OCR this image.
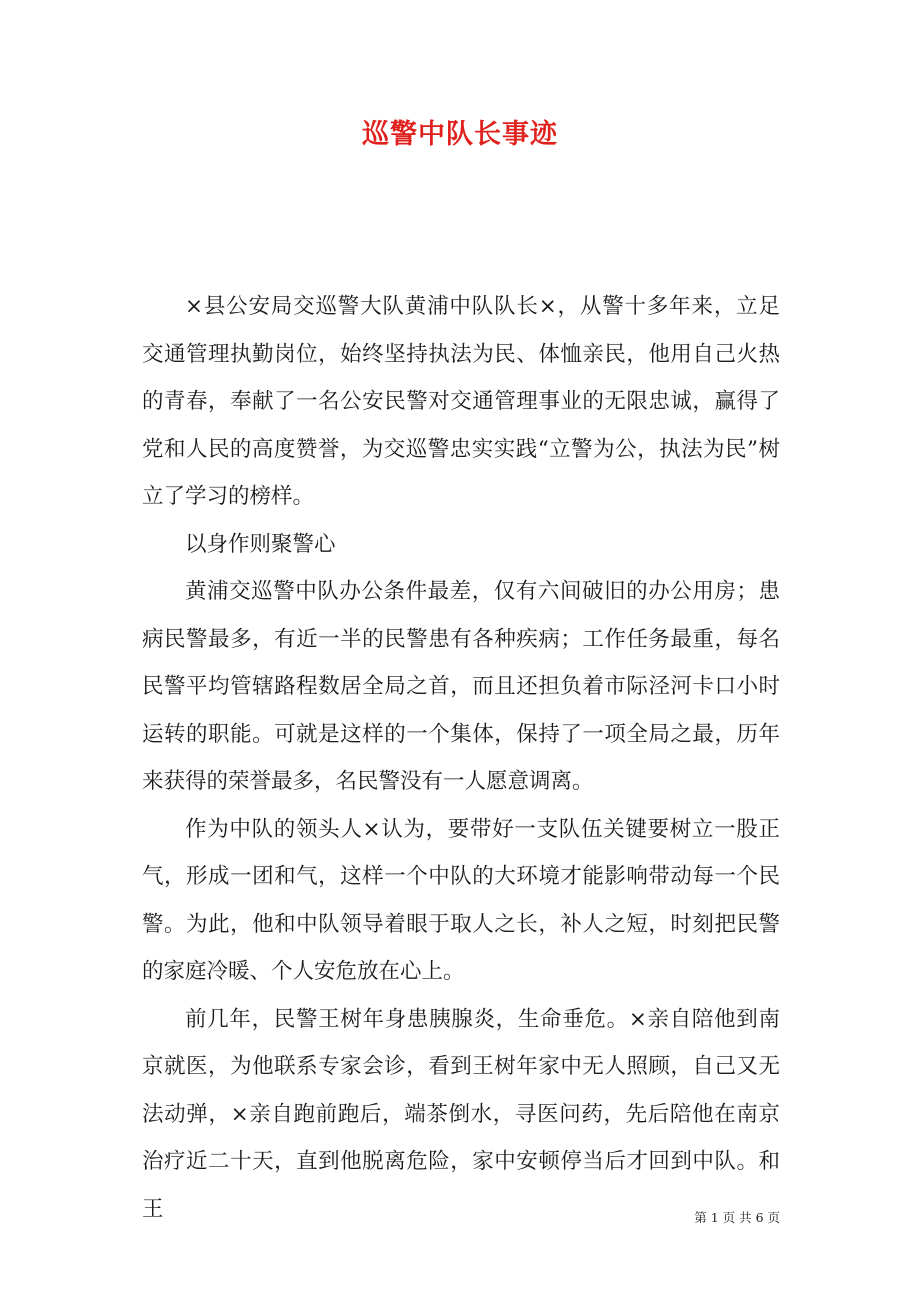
巡警中队长事迹

×县公安局交巡警大队黄浦中队队长×，从警十多年来，立足交通管理执勤岗位，始终坚持执法为民、体恤亲民，他用自己火热的青春，奉献了一名公安民警对交通管理事业的无限忠诚，赢得了党和人民的高度赞誉，为交巡警忠实实践“立警为公，执法为民”树立了学习的榜样。

以身作则聚警心

黄浦交巡警中队办公条件最差，仅有六间破旧的办公用房；患病民警最多，有近一半的民警患有各种疾病；工作任务最重，每名民警平均管辖路程数居全局之首，而且还担负着市际泾河卡口小时运转的职能。可就是这样的一个集体，保持了一项全局之最，历年来获得的荣誉最多，名民警没有一人愿意调离。

作为中队的领头人×认为，要带好一支队伍关键要树立一股正气，形成一团和气，这样一个中队的大环境才能影响带动每一个民警。为此，他和中队领导着眼于取人之长，补人之短，时刻把民警的家庭冷暖、个人安危放在心上。

前几年，民警王树年身患胰腺炎，生命垂危。×亲自陪他到南京就医，为他联系专家会诊，看到王树年家中无人照顾，自己又无法动弹，×亲自跑前跑后，端茶倒水，寻医问药，先后陪他在南京治疗近二十天，直到他脱离危险，家中安顿停当后才回到中队。和王	第 1 页 共 6 页
